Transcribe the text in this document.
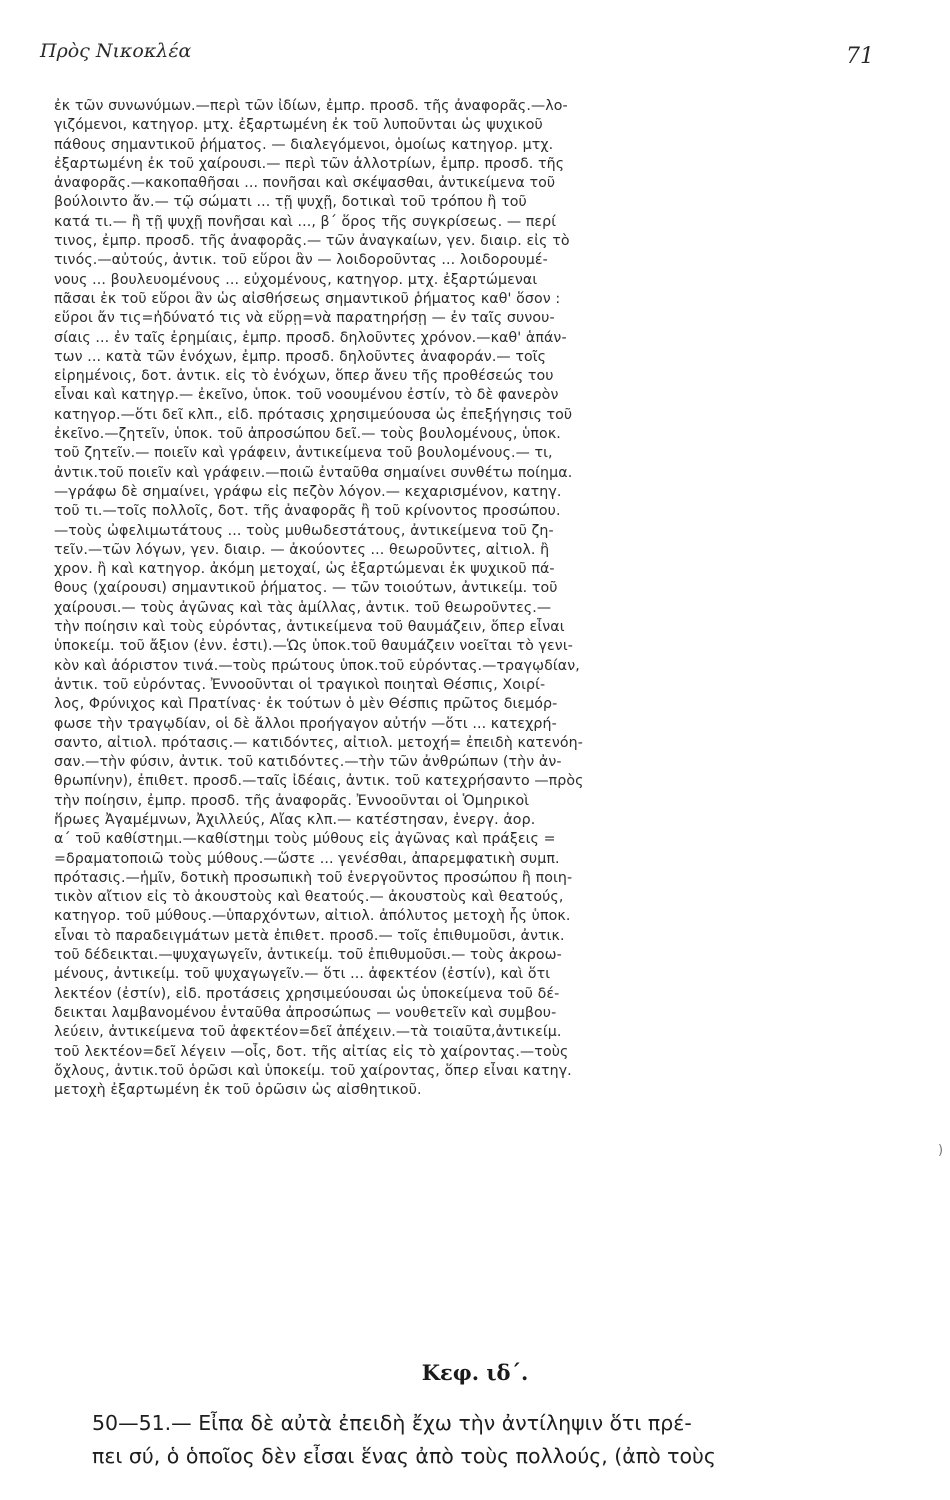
Πρὸς Νικοκλέα	71
ἐκ τῶν συνωνύμων.—περὶ τῶν ἰδίων, ἐμπρ. προσδ. τῆς ἀναφορᾶς.—λο-
γιζόμενοι, κατηγορ. μτχ. ἐξαρτωμένη ἐκ τοῦ λυποῦνται ὡς ψυχικοῦ
πάθους σημαντικοῦ ῥήματος. — διαλεγόμενοι, ὁμοίως κατηγορ. μτχ.
ἐξαρτωμένη ἐκ τοῦ χαίρουσι.— περὶ τῶν ἀλλοτρίων, ἐμπρ. προσδ. τῆς
ἀναφορᾶς.—κακοπαθῆσαι ... πονῆσαι καὶ σκέψασθαι, ἀντικείμενα τοῦ
βούλοιντο ἄν.— τῷ σώματι ... τῇ ψυχῇ, δοτικαὶ τοῦ τρόπου ἢ τοῦ
κατά τι.— ἢ τῇ ψυχῇ πονῆσαι καὶ ..., β΄ ὅρος τῆς συγκρίσεως. — περί
τινος, ἐμπρ. προσδ. τῆς ἀναφορᾶς.— τῶν ἀναγκαίων, γεν. διαιρ. εἰς τὸ
τινός.—αὐτούς, ἀντικ. τοῦ εὕροι ἂν — λοιδοροῦντας ... λοιδορουμέ-
νους ... βουλευομένους ... εὐχομένους, κατηγορ. μτχ. ἐξαρτώμεναι
πᾶσαι ἐκ τοῦ εὕροι ἂν ὡς αἰσθήσεως σημαντικοῦ ῥήματος καθ' ὅσον :
εὕροι ἄν τις=ἠδύνατό τις νὰ εὕρῃ=νὰ παρατηρήσῃ — ἐν ταῖς συνου-
σίαις ... ἐν ταῖς ἐρημίαις, ἐμπρ. προσδ. δηλοῦντες χρόνον.—καθ' ἁπάν-
των ... κατὰ τῶν ἐνόχων, ἐμπρ. προσδ. δηλοῦντες ἀναφοράν.— τοῖς
εἰρημένοις, δοτ. ἀντικ. εἰς τὸ ἐνόχων, ὅπερ ἄνευ τῆς προθέσεώς του
εἶναι καὶ κατηγρ.— ἐκεῖνο, ὑποκ. τοῦ νοουμένου ἐστίν, τὸ δὲ φανερὸν
κατηγορ.—ὅτι δεῖ κλπ., εἰδ. πρότασις χρησιμεύουσα ὡς ἐπεξήγησις τοῦ
ἐκεῖνο.—ζητεῖν, ὑποκ. τοῦ ἀπροσώπου δεῖ.— τοὺς βουλομένους, ὑποκ.
τοῦ ζητεῖν.— ποιεῖν καὶ γράφειν, ἀντικείμενα τοῦ βουλομένους.— τι,
ἀντικ.τοῦ ποιεῖν καὶ γράφειν.—ποιῶ ἐνταῦθα σημαίνει συνθέτω ποίημα.
—γράφω δὲ σημαίνει, γράφω εἰς πεζὸν λόγον.— κεχαρισμένον, κατηγ.
τοῦ τι.—τοῖς πολλοῖς, δοτ. τῆς ἀναφορᾶς ἢ τοῦ κρίνοντος προσώπου.
—τοὺς ὠφελιμωτάτους ... τοὺς μυθωδεστάτους, ἀντικείμενα τοῦ ζη-
τεῖν.—τῶν λόγων, γεν. διαιρ. — ἀκούοντες ... θεωροῦντες, αἰτιολ. ἢ
χρον. ἢ καὶ κατηγορ. ἀκόμη μετοχαί, ὡς ἐξαρτώμεναι ἐκ ψυχικοῦ πά-
θους (χαίρουσι) σημαντικοῦ ῥήματος. — τῶν τοιούτων, ἀντικείμ. τοῦ
χαίρουσι.— τοὺς ἀγῶνας καὶ τὰς ἁμίλλας, ἀντικ. τοῦ θεωροῦντες.—
τὴν ποίησιν καὶ τοὺς εὑρόντας, ἀντικείμενα τοῦ θαυμάζειν, ὅπερ εἶναι
ὑποκείμ. τοῦ ἄξιον (ἐνν. ἐστι).—Ὡς ὑποκ.τοῦ θαυμάζειν νοεῖται τὸ γενι-
κὸν καὶ ἀόριστον τινά.—τοὺς πρώτους ὑποκ.τοῦ εὑρόντας.—τραγῳδίαν,
ἀντικ. τοῦ εὑρόντας. Ἐννοοῦνται οἱ τραγικοὶ ποιηταὶ Θέσπις, Χοιρί-
λος, Φρύνιχος καὶ Πρατίνας· ἐκ τούτων ὁ μὲν Θέσπις πρῶτος διεμόρ-
φωσε τὴν τραγῳδίαν, οἱ δὲ ἄλλοι προήγαγον αὐτήν —ὅτι ... κατεχρή-
σαντο, αἰτιολ. πρότασις.— κατιδόντες, αἰτιολ. μετοχή= ἐπειδὴ κατενόη-
σαν.—τὴν φύσιν, ἀντικ. τοῦ κατιδόντες.—τὴν τῶν ἀνθρώπων (τὴν ἀν-
θρωπίνην), ἐπιθετ. προσδ.—ταῖς ἰδέαις, ἀντικ. τοῦ κατεχρήσαντο —πρὸς
τὴν ποίησιν, ἐμπρ. προσδ. τῆς ἀναφορᾶς. Ἐννοοῦνται οἱ Ὁμηρικοὶ
ἥρωες Ἀγαμέμνων, Ἀχιλλεύς, Αἴας κλπ.— κατέστησαν, ἐνεργ. ἀορ.
α΄ τοῦ καθίστημι.—καθίστημι τοὺς μύθους εἰς ἀγῶνας καὶ πράξεις =
=δραματοποιῶ τοὺς μύθους.—ὥστε ... γενέσθαι, ἀπαρεμφατικὴ συμπ.
πρότασις.—ἡμῖν, δοτικὴ προσωπικὴ τοῦ ἐνεργοῦντος προσώπου ἢ ποιη-
τικὸν αἴτιον εἰς τὸ ἀκουστοὺς καὶ θεατούς.— ἀκουστοὺς καὶ θεατούς,
κατηγορ. τοῦ μύθους.—ὑπαρχόντων, αἰτιολ. ἀπόλυτος μετοχὴ ἧς ὑποκ.
εἶναι τὸ παραδειγμάτων μετὰ ἐπιθετ. προσδ.— τοῖς ἐπιθυμοῦσι, ἀντικ.
τοῦ δέδεικται.—ψυχαγωγεῖν, ἀντικείμ. τοῦ ἐπιθυμοῦσι.— τοὺς ἀκροω-
μένους, ἀντικείμ. τοῦ ψυχαγωγεῖν.— ὅτι ... ἀφεκτέον (ἐστίν), καὶ ὅτι
λεκτέον (ἐστίν), εἰδ. προτάσεις χρησιμεύουσαι ὡς ὑποκείμενα τοῦ δέ-
δεικται λαμβανομένου ἐνταῦθα ἀπροσώπως — νουθετεῖν καὶ συμβου-
λεύειν, ἀντικείμενα τοῦ ἀφεκτέον=δεῖ ἀπέχειν.—τὰ τοιαῦτα,ἀντικείμ.
τοῦ λεκτέον=δεῖ λέγειν —οἷς, δοτ. τῆς αἰτίας εἰς τὸ χαίροντας.—τοὺς
ὄχλους, ἀντικ.τοῦ ὁρῶσι καὶ ὑποκείμ. τοῦ χαίροντας, ὅπερ εἶναι κατηγ.
μετοχὴ ἐξαρτωμένη ἐκ τοῦ ὁρῶσιν ὡς αἰσθητικοῦ.
)
Κεφ. ιδ΄.
50—51.— Εἶπα δὲ αὐτὰ ἐπειδὴ ἔχω τὴν ἀντίληψιν ὅτι πρέ-
πει σύ, ὁ ὁποῖος δὲν εἶσαι ἕνας ἀπὸ τοὺς πολλούς, (ἀπὸ τοὺς
